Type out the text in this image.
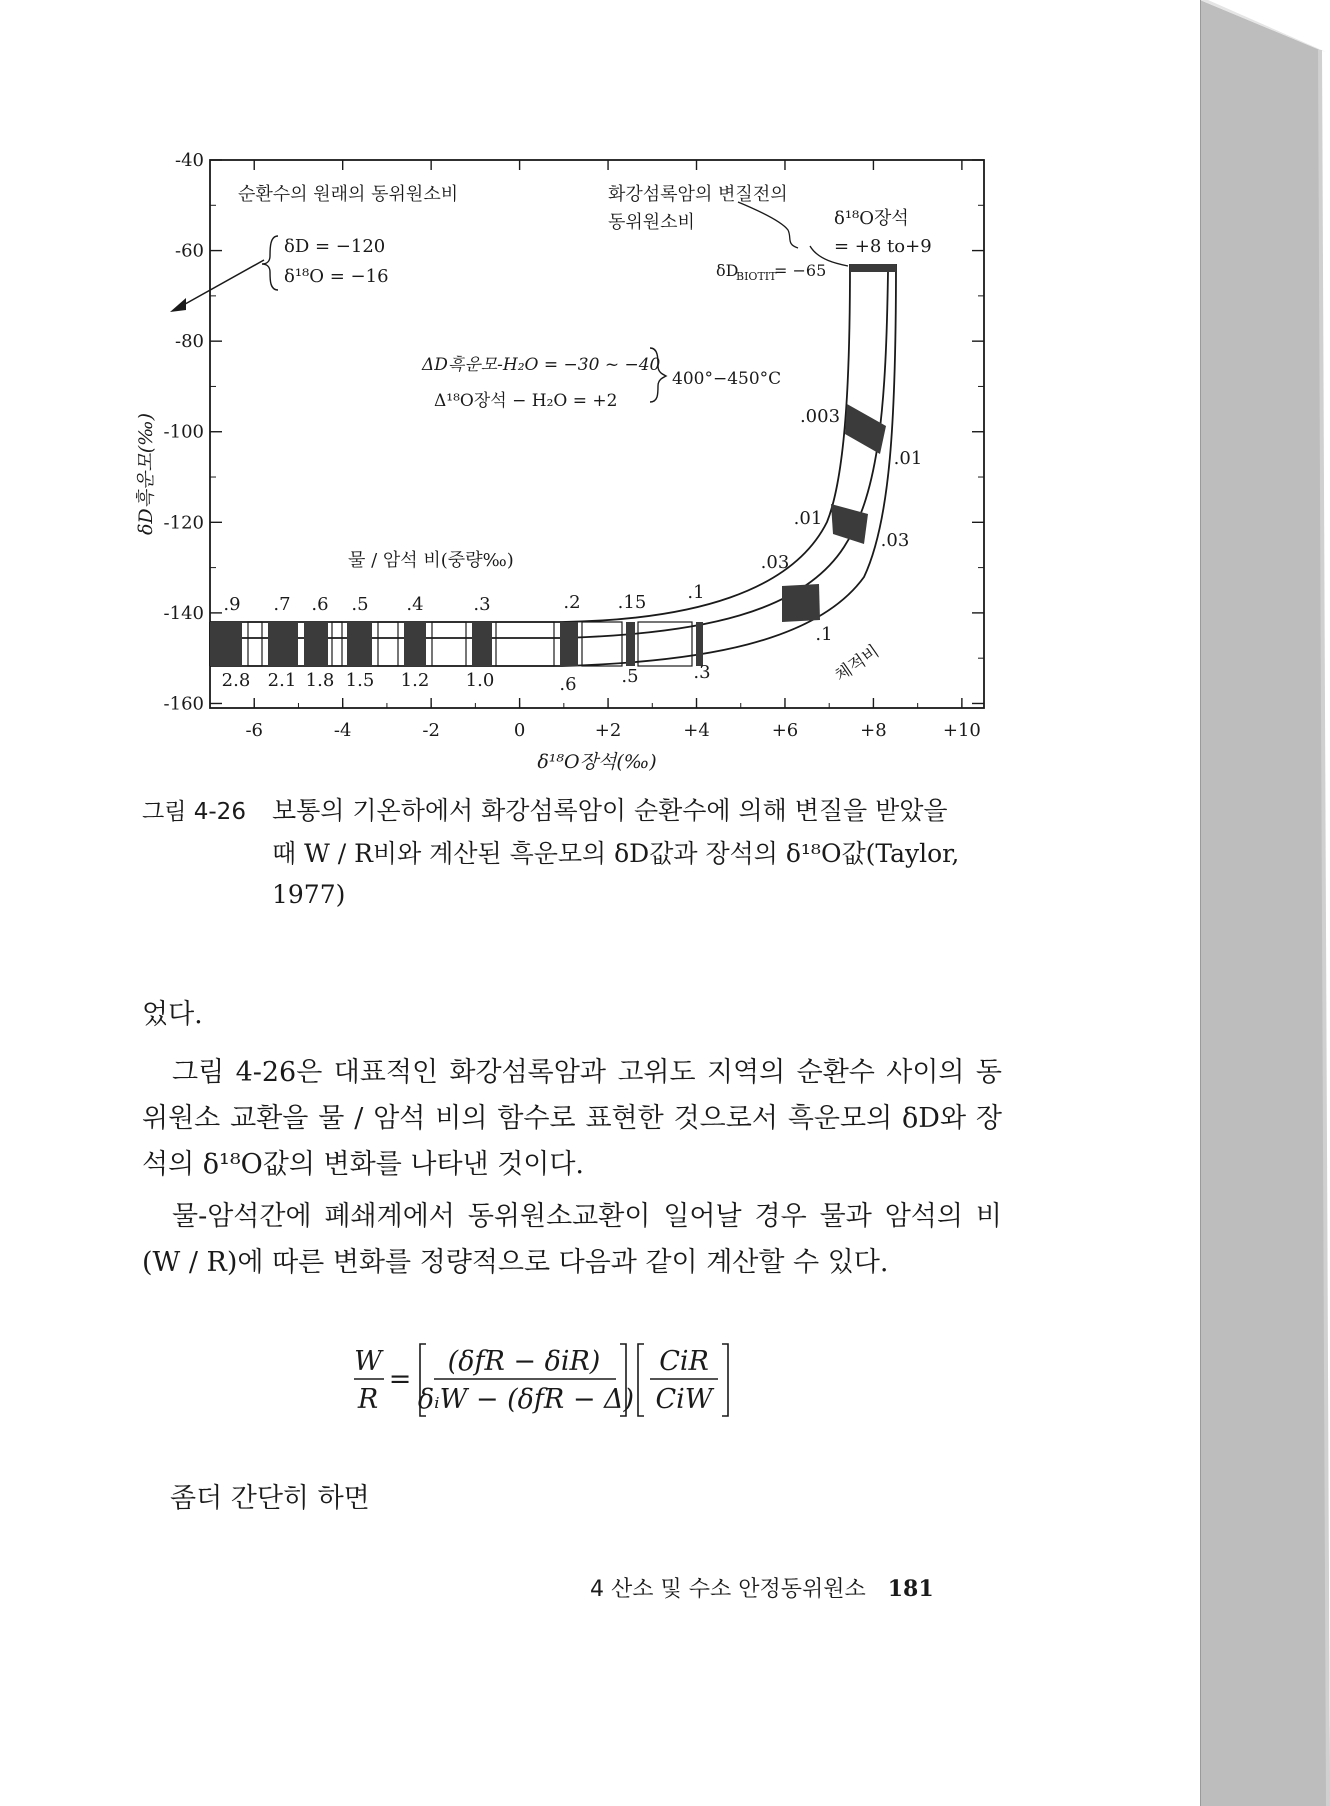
-6	-4	-2	0	+2	+4	+6	+8	+10
-40
-60
-80
-100
-120
-140
-160
δ¹⁸O장석(‰)
δD흑운모(‰)
.9 .7 .6 .5 .4	.3	.2 .15 .1
.03
.01
.003
2.8 2.1 1.8 1.5 1.2 1.0	.6 .5	.3
.1
.03
.01
순환수의 원래의 동위원소비
δD = −120
δ¹⁸O = −16
화강섬록암의 변질전의
동위원소비	δ¹⁸O장석
= +8 to+9
δD
BIOTIT
= −65
ΔD흑운모-H₂O = −30 ~ −40
Δ¹⁸O장석 − H₂O = +2
400°−450°C
물 / 암석 비(중량‰)
체적비
그림 4-26 보통의 기온하에서 화강섬록암이 순환수에 의해 변질을 받았을
때 W / R비와 계산된 흑운모의 δD값과 장석의 δ¹⁸O값(Taylor,
1977)

었다.

그림 4-26은 대표적인 화강섬록암과 고위도 지역의 순환수 사이의 동위원소 교환을 물 / 암석 비의 함수로 표현한 것으로서 흑운모의 δD와 장석의 δ¹⁸O값의 변화를 나타낸 것이다.

물-암석간에 폐쇄계에서 동위원소교환이 일어날 경우 물과 암석의 비(W / R)에 따른 변화를 정량적으로 다음과 같이 계산할 수 있다.

W
R
=
(δfR − δiR)
δᵢW − (δfR − Δ)
CiR
CiW
좀더 간단히 하면
4 산소 및 수소 안정동위원소 181
